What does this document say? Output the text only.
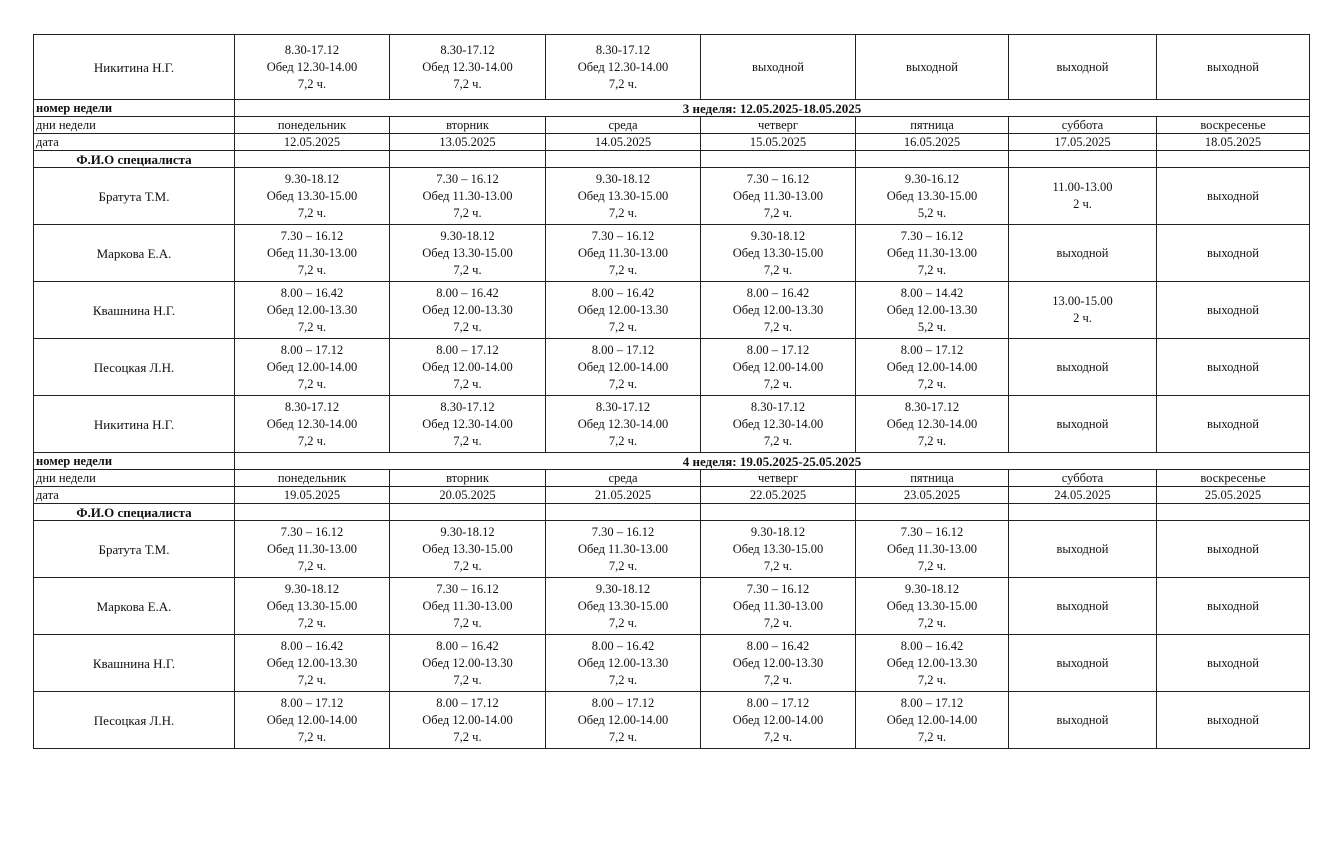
Никитина Н.Г.	8.30-17.12
Обед 12.30-14.00
7,2 ч.	8.30-17.12
Обед 12.30-14.00
7,2 ч.	8.30-17.12
Обед 12.30-14.00
7,2 ч.	выходной	выходной	выходной	выходной

номер недели	3 неделя: 12.05.2025-18.05.2025						
дни недели	понедельник	вторник	среда	четверг	пятница	суббота	воскресенье
дата	12.05.2025	13.05.2025	14.05.2025	15.05.2025	16.05.2025	17.05.2025	18.05.2025
Ф.И.О специалиста							
Братута Т.М.	9.30-18.12
Обед 13.30-15.00
7,2 ч.	7.30 – 16.12
Обед 11.30-13.00
7,2 ч.	9.30-18.12
Обед 13.30-15.00
7,2 ч.	7.30 – 16.12
Обед 11.30-13.00
7,2 ч.	9.30-16.12
Обед 13.30-15.00
5,2 ч.	11.00-13.00
2 ч.	выходной

Маркова Е.А.	7.30 – 16.12
Обед 11.30-13.00
7,2 ч.	9.30-18.12
Обед 13.30-15.00
7,2 ч.	7.30 – 16.12
Обед 11.30-13.00
7,2 ч.	9.30-18.12
Обед 13.30-15.00
7,2 ч.	7.30 – 16.12
Обед 11.30-13.00
7,2 ч.	выходной	выходной

Квашнина Н.Г.	8.00 – 16.42
Обед 12.00-13.30
7,2 ч.	8.00 – 16.42
Обед 12.00-13.30
7,2 ч.	8.00 – 16.42
Обед 12.00-13.30
7,2 ч.	8.00 – 16.42
Обед 12.00-13.30
7,2 ч.	8.00 – 14.42
Обед 12.00-13.30
5,2 ч.	13.00-15.00
2 ч.	выходной

Песоцкая Л.Н.	8.00 – 17.12
Обед 12.00-14.00
7,2 ч.	8.00 – 17.12
Обед 12.00-14.00
7,2 ч.	8.00 – 17.12
Обед 12.00-14.00
7,2 ч.	8.00 – 17.12
Обед 12.00-14.00
7,2 ч.	8.00 – 17.12
Обед 12.00-14.00
7,2 ч.	выходной	выходной

Никитина Н.Г.	8.30-17.12
Обед 12.30-14.00
7,2 ч.	8.30-17.12
Обед 12.30-14.00
7,2 ч.	8.30-17.12
Обед 12.30-14.00
7,2 ч.	8.30-17.12
Обед 12.30-14.00
7,2 ч.	8.30-17.12
Обед 12.30-14.00
7,2 ч.	выходной	выходной

номер недели	4 неделя: 19.05.2025-25.05.2025						
дни недели	понедельник	вторник	среда	четверг	пятница	суббота	воскресенье
дата	19.05.2025	20.05.2025	21.05.2025	22.05.2025	23.05.2025	24.05.2025	25.05.2025
Ф.И.О специалиста							
Братута Т.М.	7.30 – 16.12
Обед 11.30-13.00
7,2 ч.	9.30-18.12
Обед 13.30-15.00
7,2 ч.	7.30 – 16.12
Обед 11.30-13.00
7,2 ч.	9.30-18.12
Обед 13.30-15.00
7,2 ч.	7.30 – 16.12
Обед 11.30-13.00
7,2 ч.	выходной	выходной

Маркова Е.А.	9.30-18.12
Обед 13.30-15.00
7,2 ч.	7.30 – 16.12
Обед 11.30-13.00
7,2 ч.	9.30-18.12
Обед 13.30-15.00
7,2 ч.	7.30 – 16.12
Обед 11.30-13.00
7,2 ч.	9.30-18.12
Обед 13.30-15.00
7,2 ч.	выходной	выходной

Квашнина Н.Г.	8.00 – 16.42
Обед 12.00-13.30
7,2 ч.	8.00 – 16.42
Обед 12.00-13.30
7,2 ч.	8.00 – 16.42
Обед 12.00-13.30
7,2 ч.	8.00 – 16.42
Обед 12.00-13.30
7,2 ч.	8.00 – 16.42
Обед 12.00-13.30
7,2 ч.	выходной	выходной

Песоцкая Л.Н.	8.00 – 17.12
Обед 12.00-14.00
7,2 ч.	8.00 – 17.12
Обед 12.00-14.00
7,2 ч.	8.00 – 17.12
Обед 12.00-14.00
7,2 ч.	8.00 – 17.12
Обед 12.00-14.00
7,2 ч.	8.00 – 17.12
Обед 12.00-14.00
7,2 ч.	выходной	выходной
